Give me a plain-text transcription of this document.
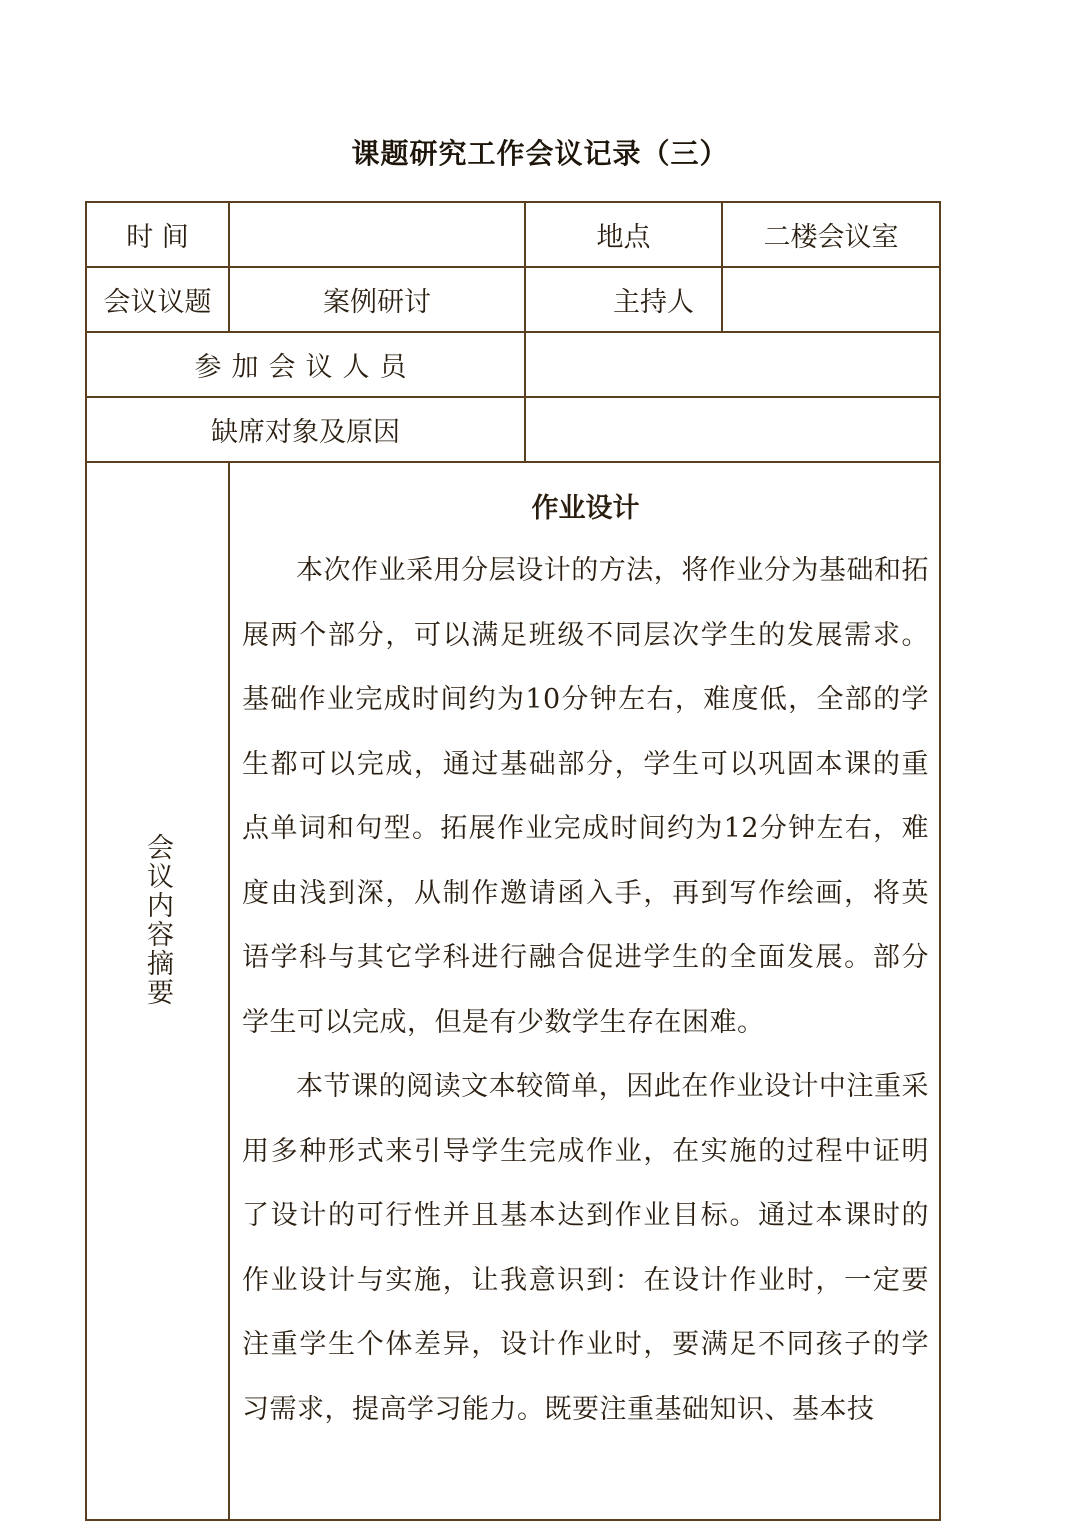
课题研究工作会议记录（三）
时 间		地点	二楼会议室
会议议题	案例研讨	主持人	
参加会议人员			
缺席对象及原因			
会议内容摘要	作业设计

本次作业采用分层设计的方法，将作业分为基础和拓展两个部分，可以满足班级不同层次学生的发展需求。基础作业完成时间约为10分钟左右，难度低，全部的学生都可以完成，通过基础部分，学生可以巩固本课的重点单词和句型。拓展作业完成时间约为12分钟左右，难度由浅到深，从制作邀请函入手，再到写作绘画，将英语学科与其它学科进行融合促进学生的全面发展。部分学生可以完成，但是有少数学生存在困难。

本节课的阅读文本较简单，因此在作业设计中注重采用多种形式来引导学生完成作业，在实施的过程中证明了设计的可行性并且基本达到作业目标。通过本课时的作业设计与实施，让我意识到：在设计作业时，一定要注重学生个体差异，设计作业时，要满足不同孩子的学习需求，提高学习能力。既要注重基础知识、基本技		
